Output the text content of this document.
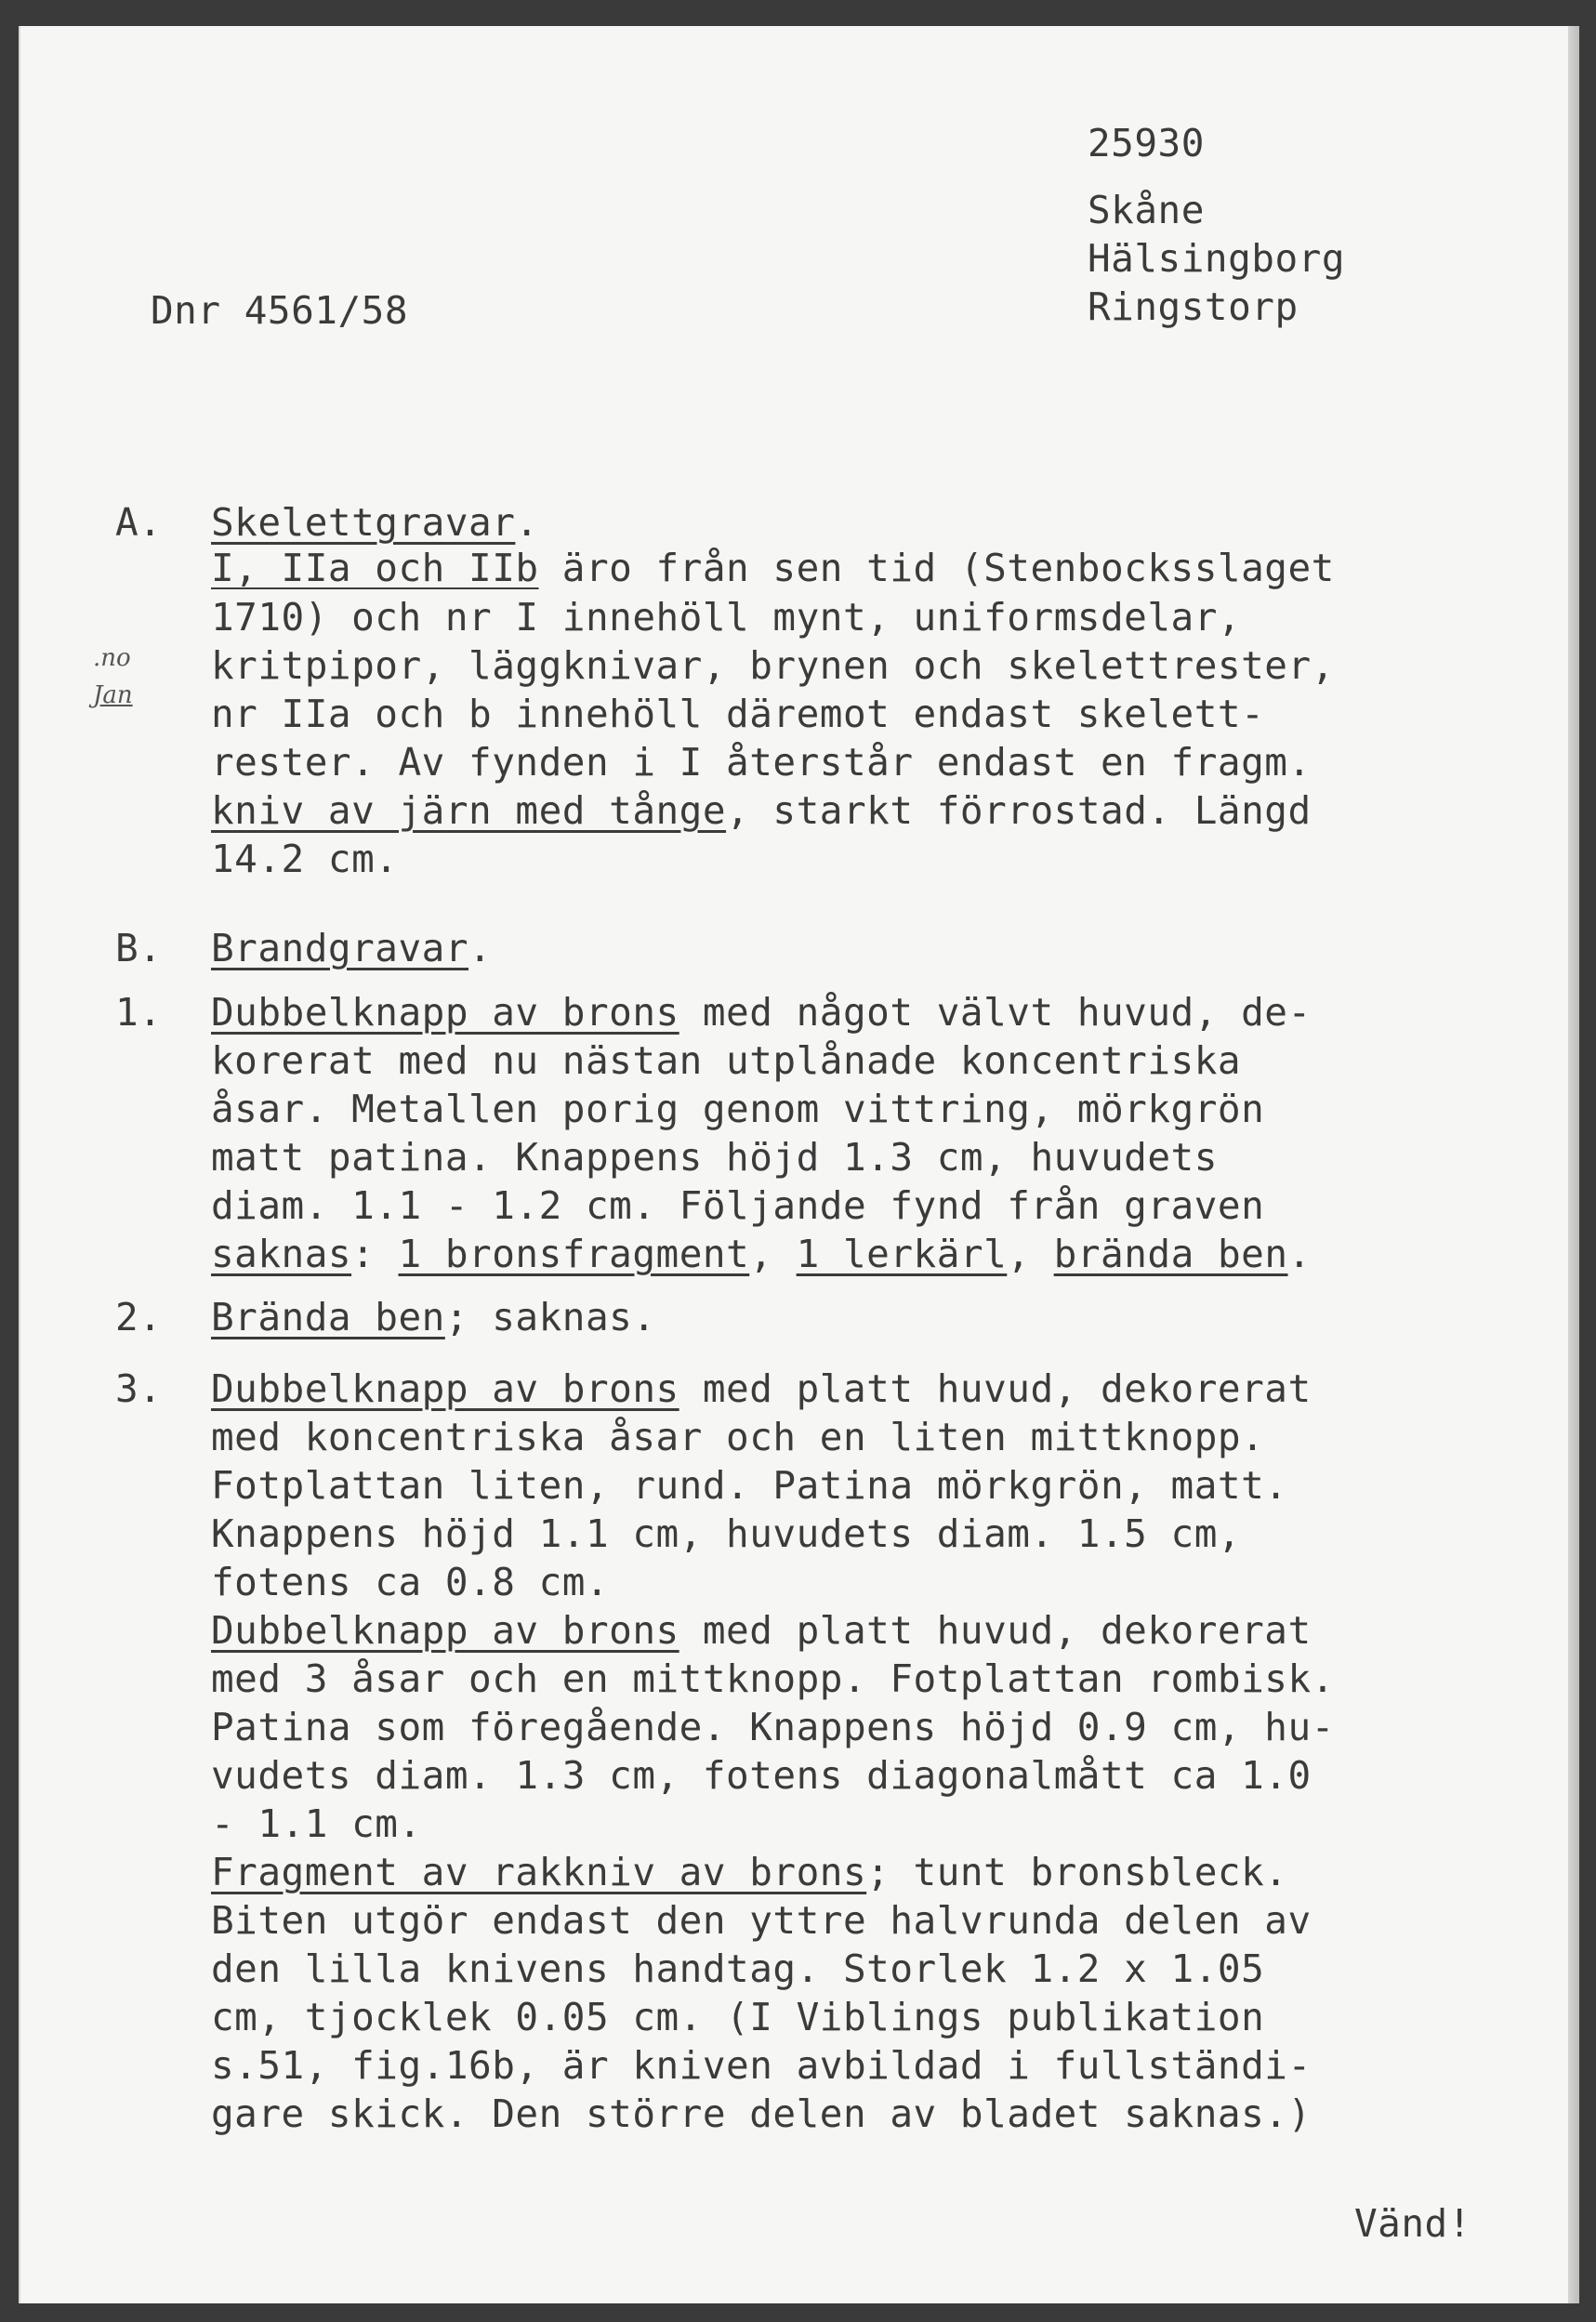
25930
Skåne
Hälsingborg
Ringstorp
Dnr 4561/58
.no
Jan
A. Skelettgravar.
I, IIa och IIb äro från sen tid (Stenbocksslaget
1710) och nr I innehöll mynt, uniformsdelar,
kritpipor, läggknivar, brynen och skelettrester,
nr IIa och b innehöll däremot endast skelett-
rester. Av fynden i I återstår endast en fragm.
kniv av järn med tånge, starkt förrostad. Längd
14.2 cm.
B. Brandgravar.
1. Dubbelknapp av brons med något välvt huvud, de-
korerat med nu nästan utplånade koncentriska
åsar. Metallen porig genom vittring, mörkgrön
matt patina. Knappens höjd 1.3 cm, huvudets
diam. 1.1 - 1.2 cm. Följande fynd från graven
saknas: 1 bronsfragment, 1 lerkärl, brända ben.
2. Brända ben; saknas.
3. Dubbelknapp av brons med platt huvud, dekorerat
med koncentriska åsar och en liten mittknopp.
Fotplattan liten, rund. Patina mörkgrön, matt.
Knappens höjd 1.1 cm, huvudets diam. 1.5 cm,
fotens ca 0.8 cm.
Dubbelknapp av brons med platt huvud, dekorerat
med 3 åsar och en mittknopp. Fotplattan rombisk.
Patina som föregående. Knappens höjd 0.9 cm, hu-
vudets diam. 1.3 cm, fotens diagonalmått ca 1.0
- 1.1 cm.
Fragment av rakkniv av brons; tunt bronsbleck.
Biten utgör endast den yttre halvrunda delen av
den lilla knivens handtag. Storlek 1.2 x 1.05
cm, tjocklek 0.05 cm. (I Viblings publikation
s.51, fig.16b, är kniven avbildad i fullständi-
gare skick. Den större delen av bladet saknas.)
Vänd!
